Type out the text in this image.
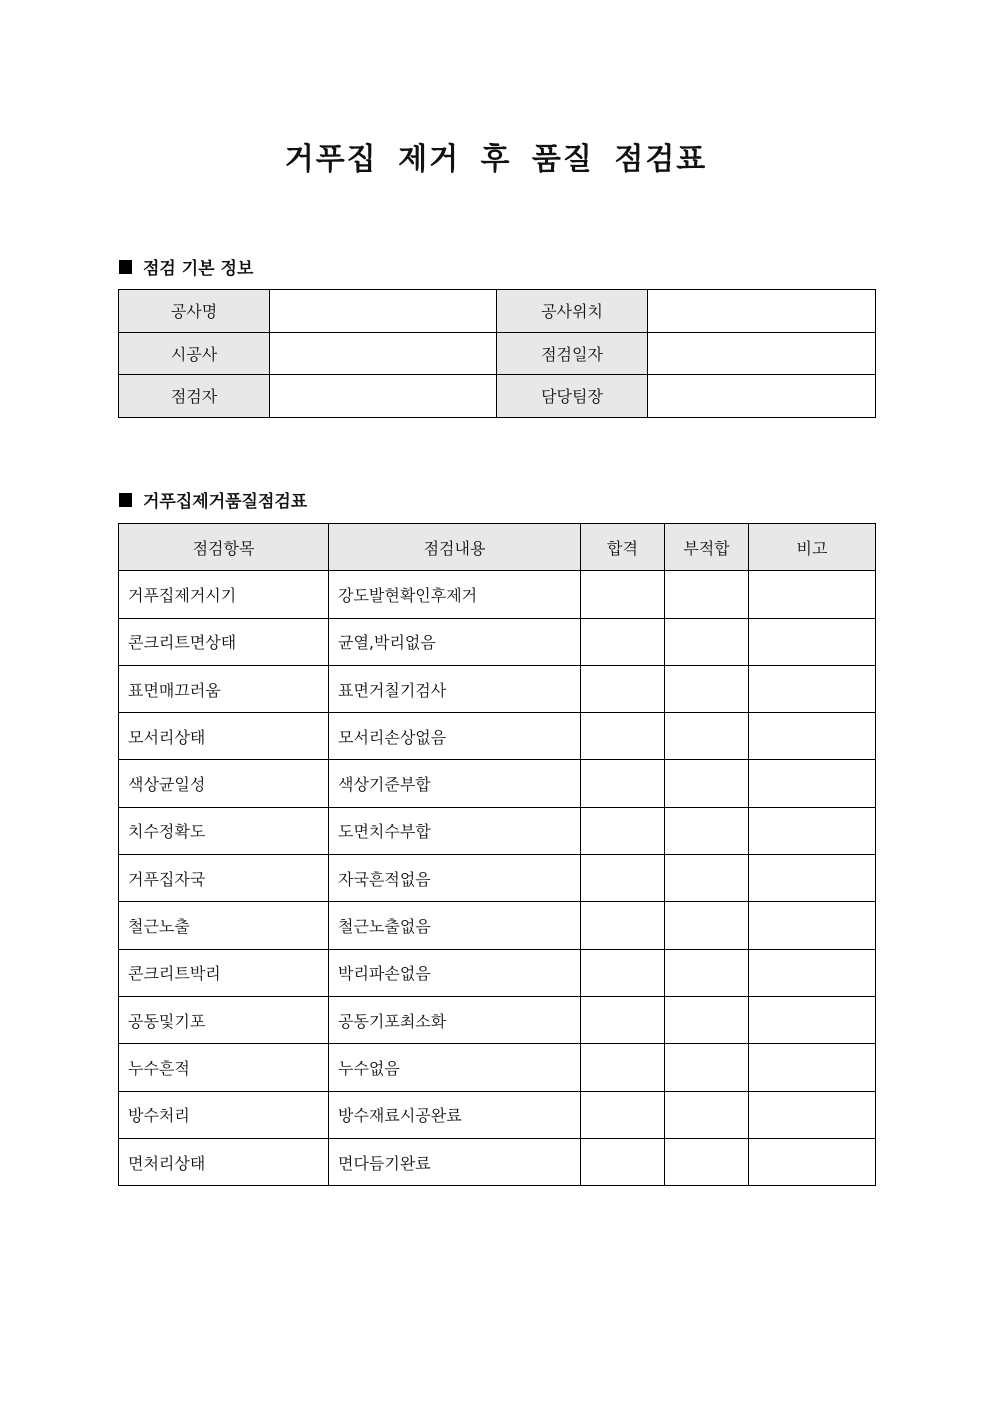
거푸집 제거 후 품질 점검표
점검 기본 정보
공사명		공사위치	
시공사		점검일자	
점검자		담당팀장	
거푸집제거품질점검표
점검항목	점검내용	합격	부적합	비고
거푸집제거시기	강도발현확인후제거			
콘크리트면상태	균열,박리없음			
표면매끄러움	표면거칠기검사			
모서리상태	모서리손상없음			
색상균일성	색상기준부합			
치수정확도	도면치수부합			
거푸집자국	자국흔적없음			
철근노출	철근노출없음			
콘크리트박리	박리파손없음			
공동및기포	공동기포최소화			
누수흔적	누수없음			
방수처리	방수재료시공완료			
면처리상태	면다듬기완료			
